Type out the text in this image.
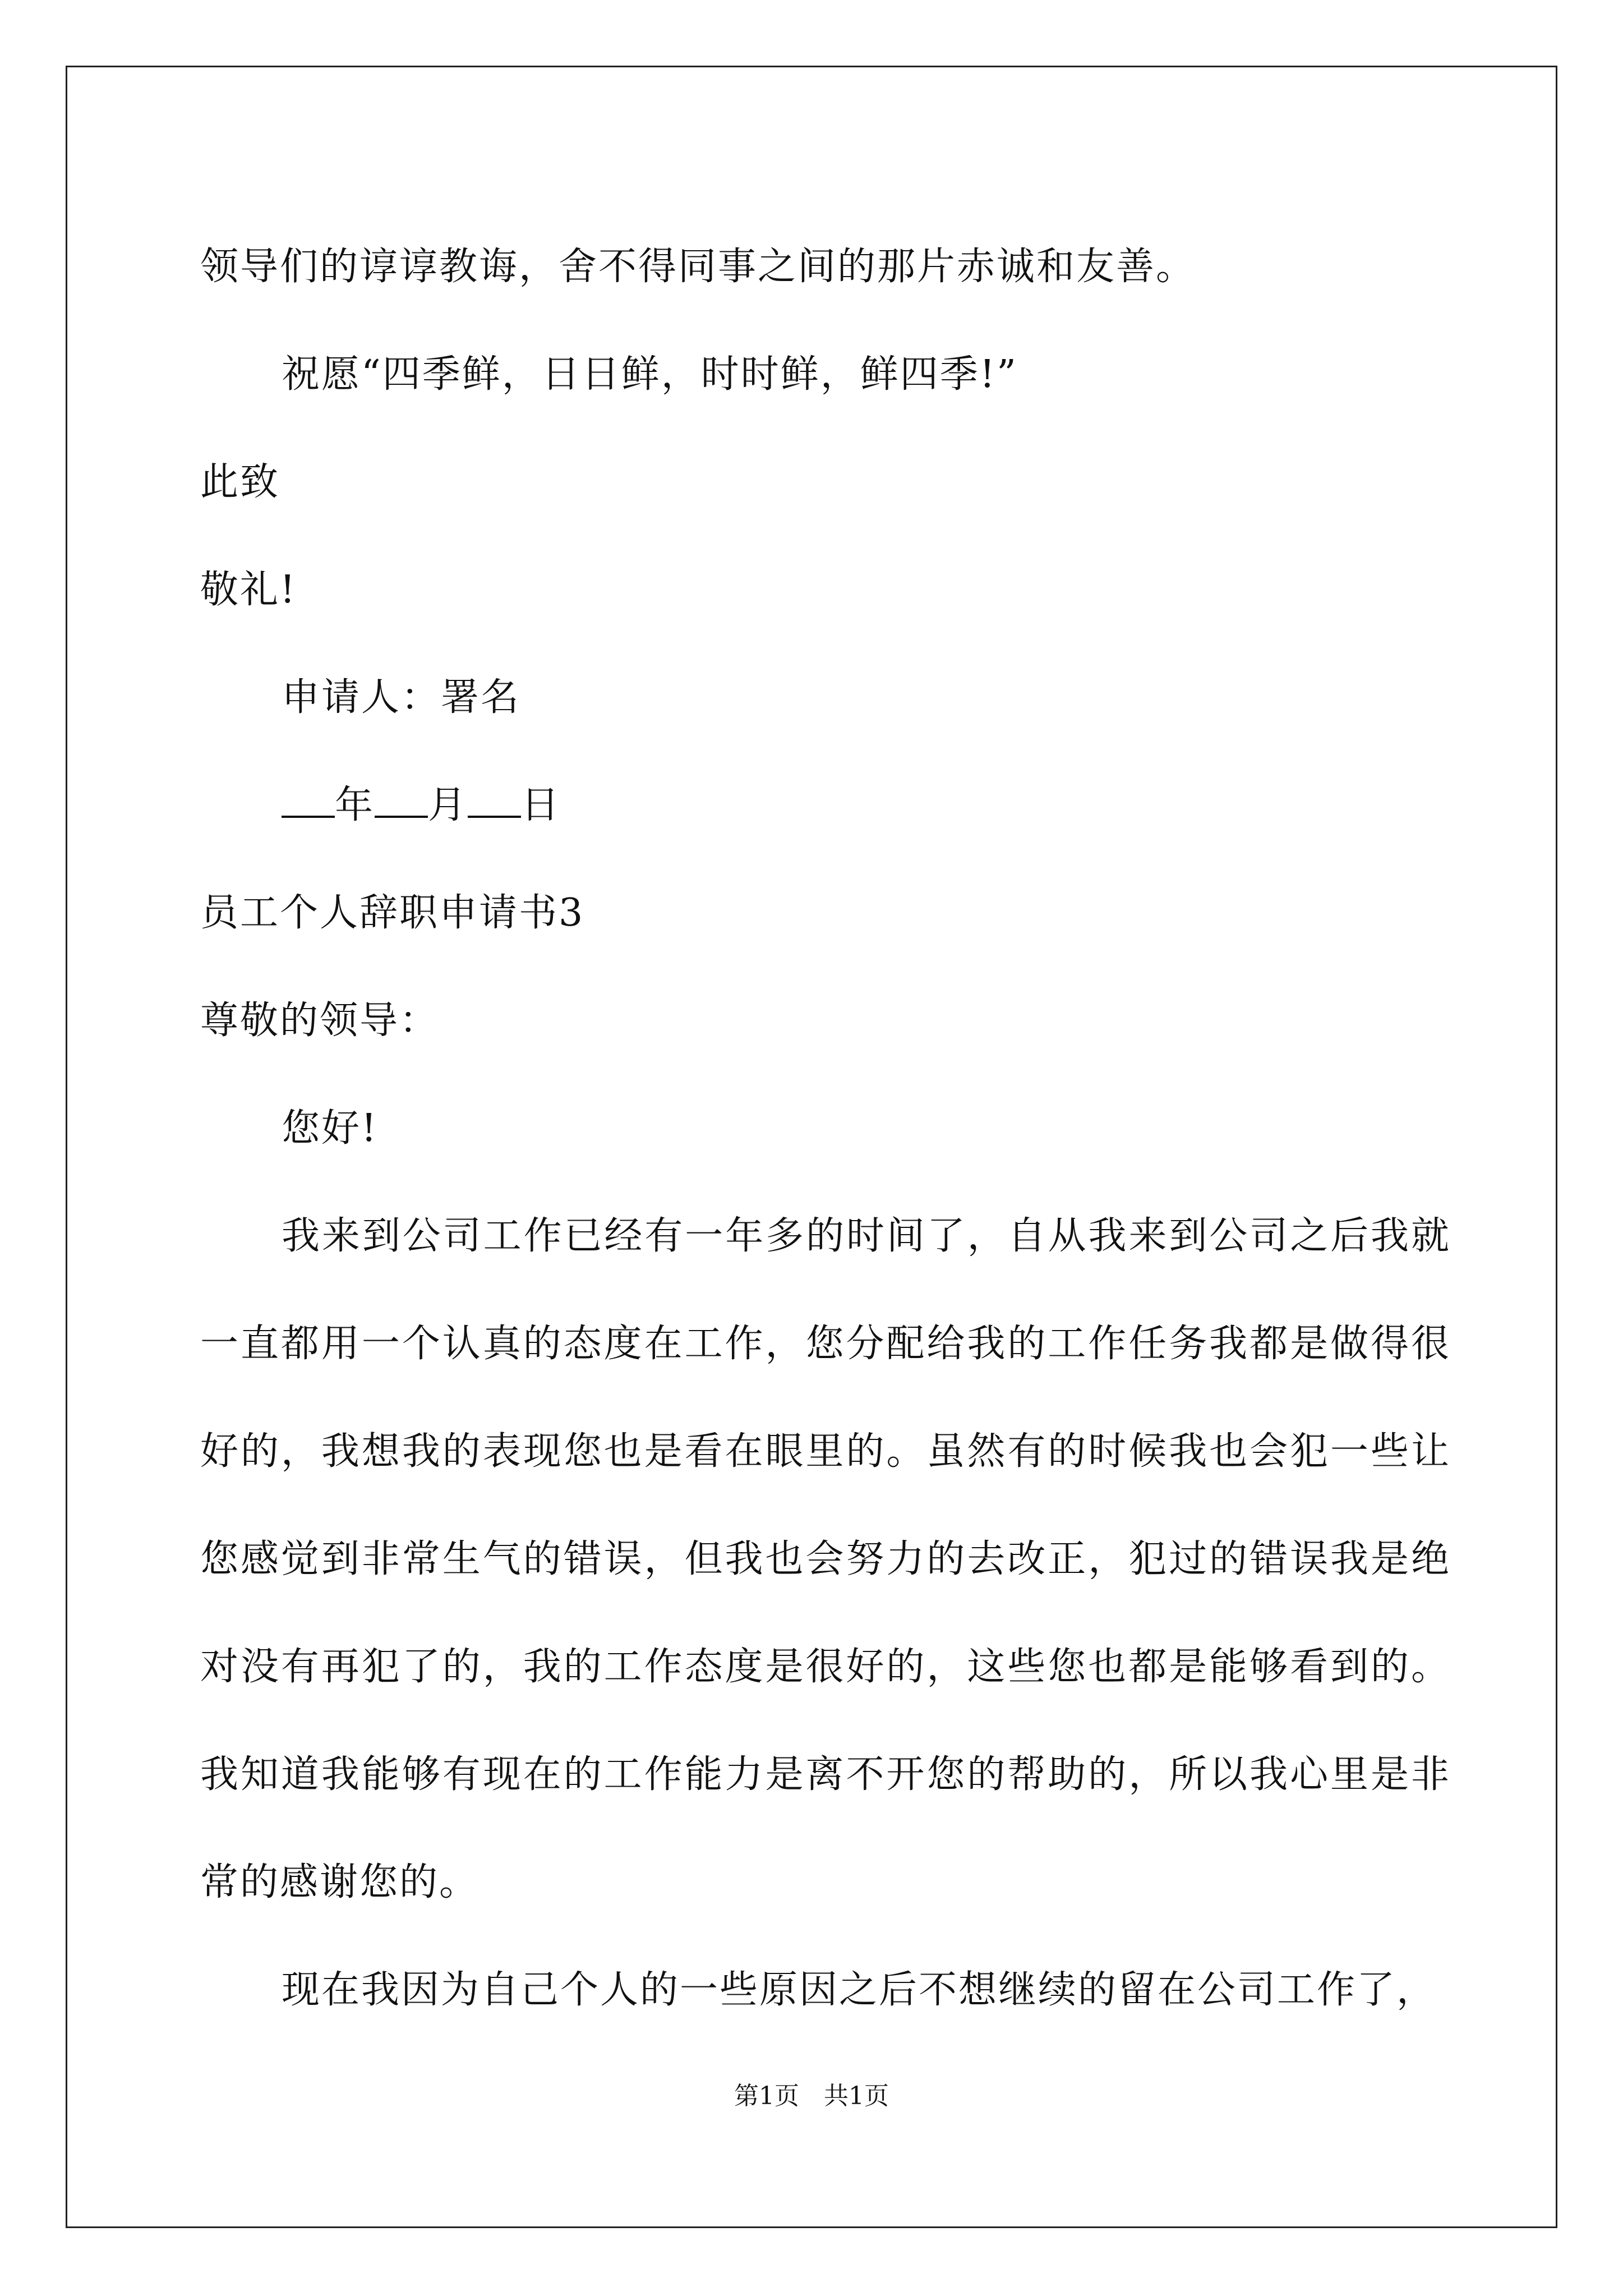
领导们的谆谆教诲，舍不得同事之间的那片赤诚和友善。
祝愿“四季鲜，日日鲜，时时鲜，鲜四季!”
此致
敬礼!
申请人：署名
年 月 日
员工个人辞职申请书3
尊敬的领导：
您好!

我来到公司工作已经有一年多的时间了，自从我来到公司之后我就一直都用一个认真的态度在工作，您分配给我的工作任务我都是做得很好的，我想我的表现您也是看在眼里的。虽然有的时候我也会犯一些让您感觉到非常生气的错误，但我也会努力的去改正，犯过的错误我是绝对没有再犯了的，我的工作态度是很好的，这些您也都是能够看到的。我知道我能够有现在的工作能力是离不开您的帮助的，所以我心里是非常的感谢您的。

现在我因为自己个人的一些原因之后不想继续的留在公司工作了，

第1页 共1页
